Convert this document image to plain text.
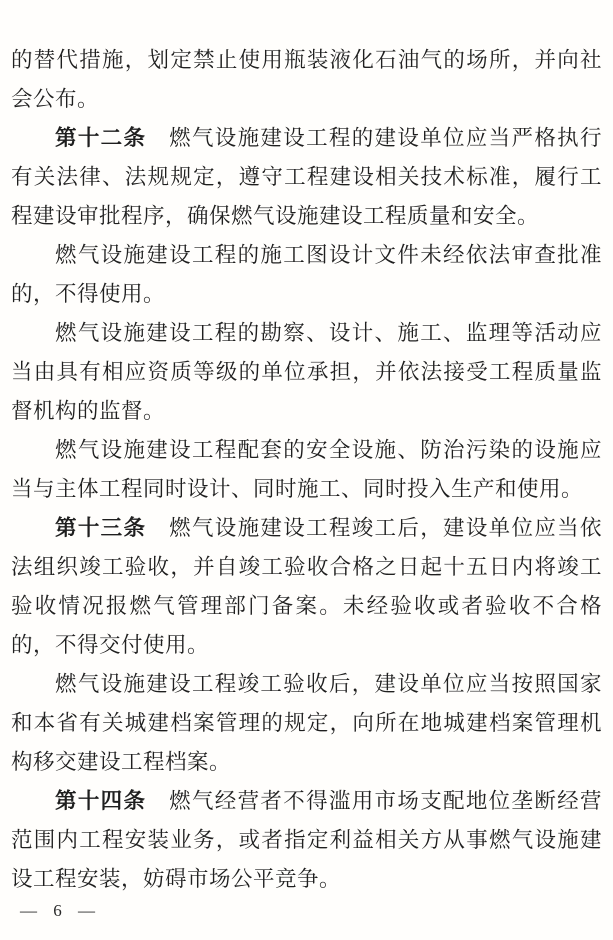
的替代措施，划定禁止使用瓶装液化石油气的场所，并向社会公布。

第十二条　燃气设施建设工程的建设单位应当严格执行有关法律、法规规定，遵守工程建设相关技术标准，履行工程建设审批程序，确保燃气设施建设工程质量和安全。

燃气设施建设工程的施工图设计文件未经依法审查批准的，不得使用。

燃气设施建设工程的勘察、设计、施工、监理等活动应当由具有相应资质等级的单位承担，并依法接受工程质量监督机构的监督。

燃气设施建设工程配套的安全设施、防治污染的设施应当与主体工程同时设计、同时施工、同时投入生产和使用。

第十三条　燃气设施建设工程竣工后，建设单位应当依法组织竣工验收，并自竣工验收合格之日起十五日内将竣工验收情况报燃气管理部门备案。未经验收或者验收不合格的，不得交付使用。

燃气设施建设工程竣工验收后，建设单位应当按照国家和本省有关城建档案管理的规定，向所在地城建档案管理机构移交建设工程档案。

第十四条　燃气经营者不得滥用市场支配地位垄断经营范围内工程安装业务，或者指定利益相关方从事燃气设施建设工程安装，妨碍市场公平竞争。

— 6 —
